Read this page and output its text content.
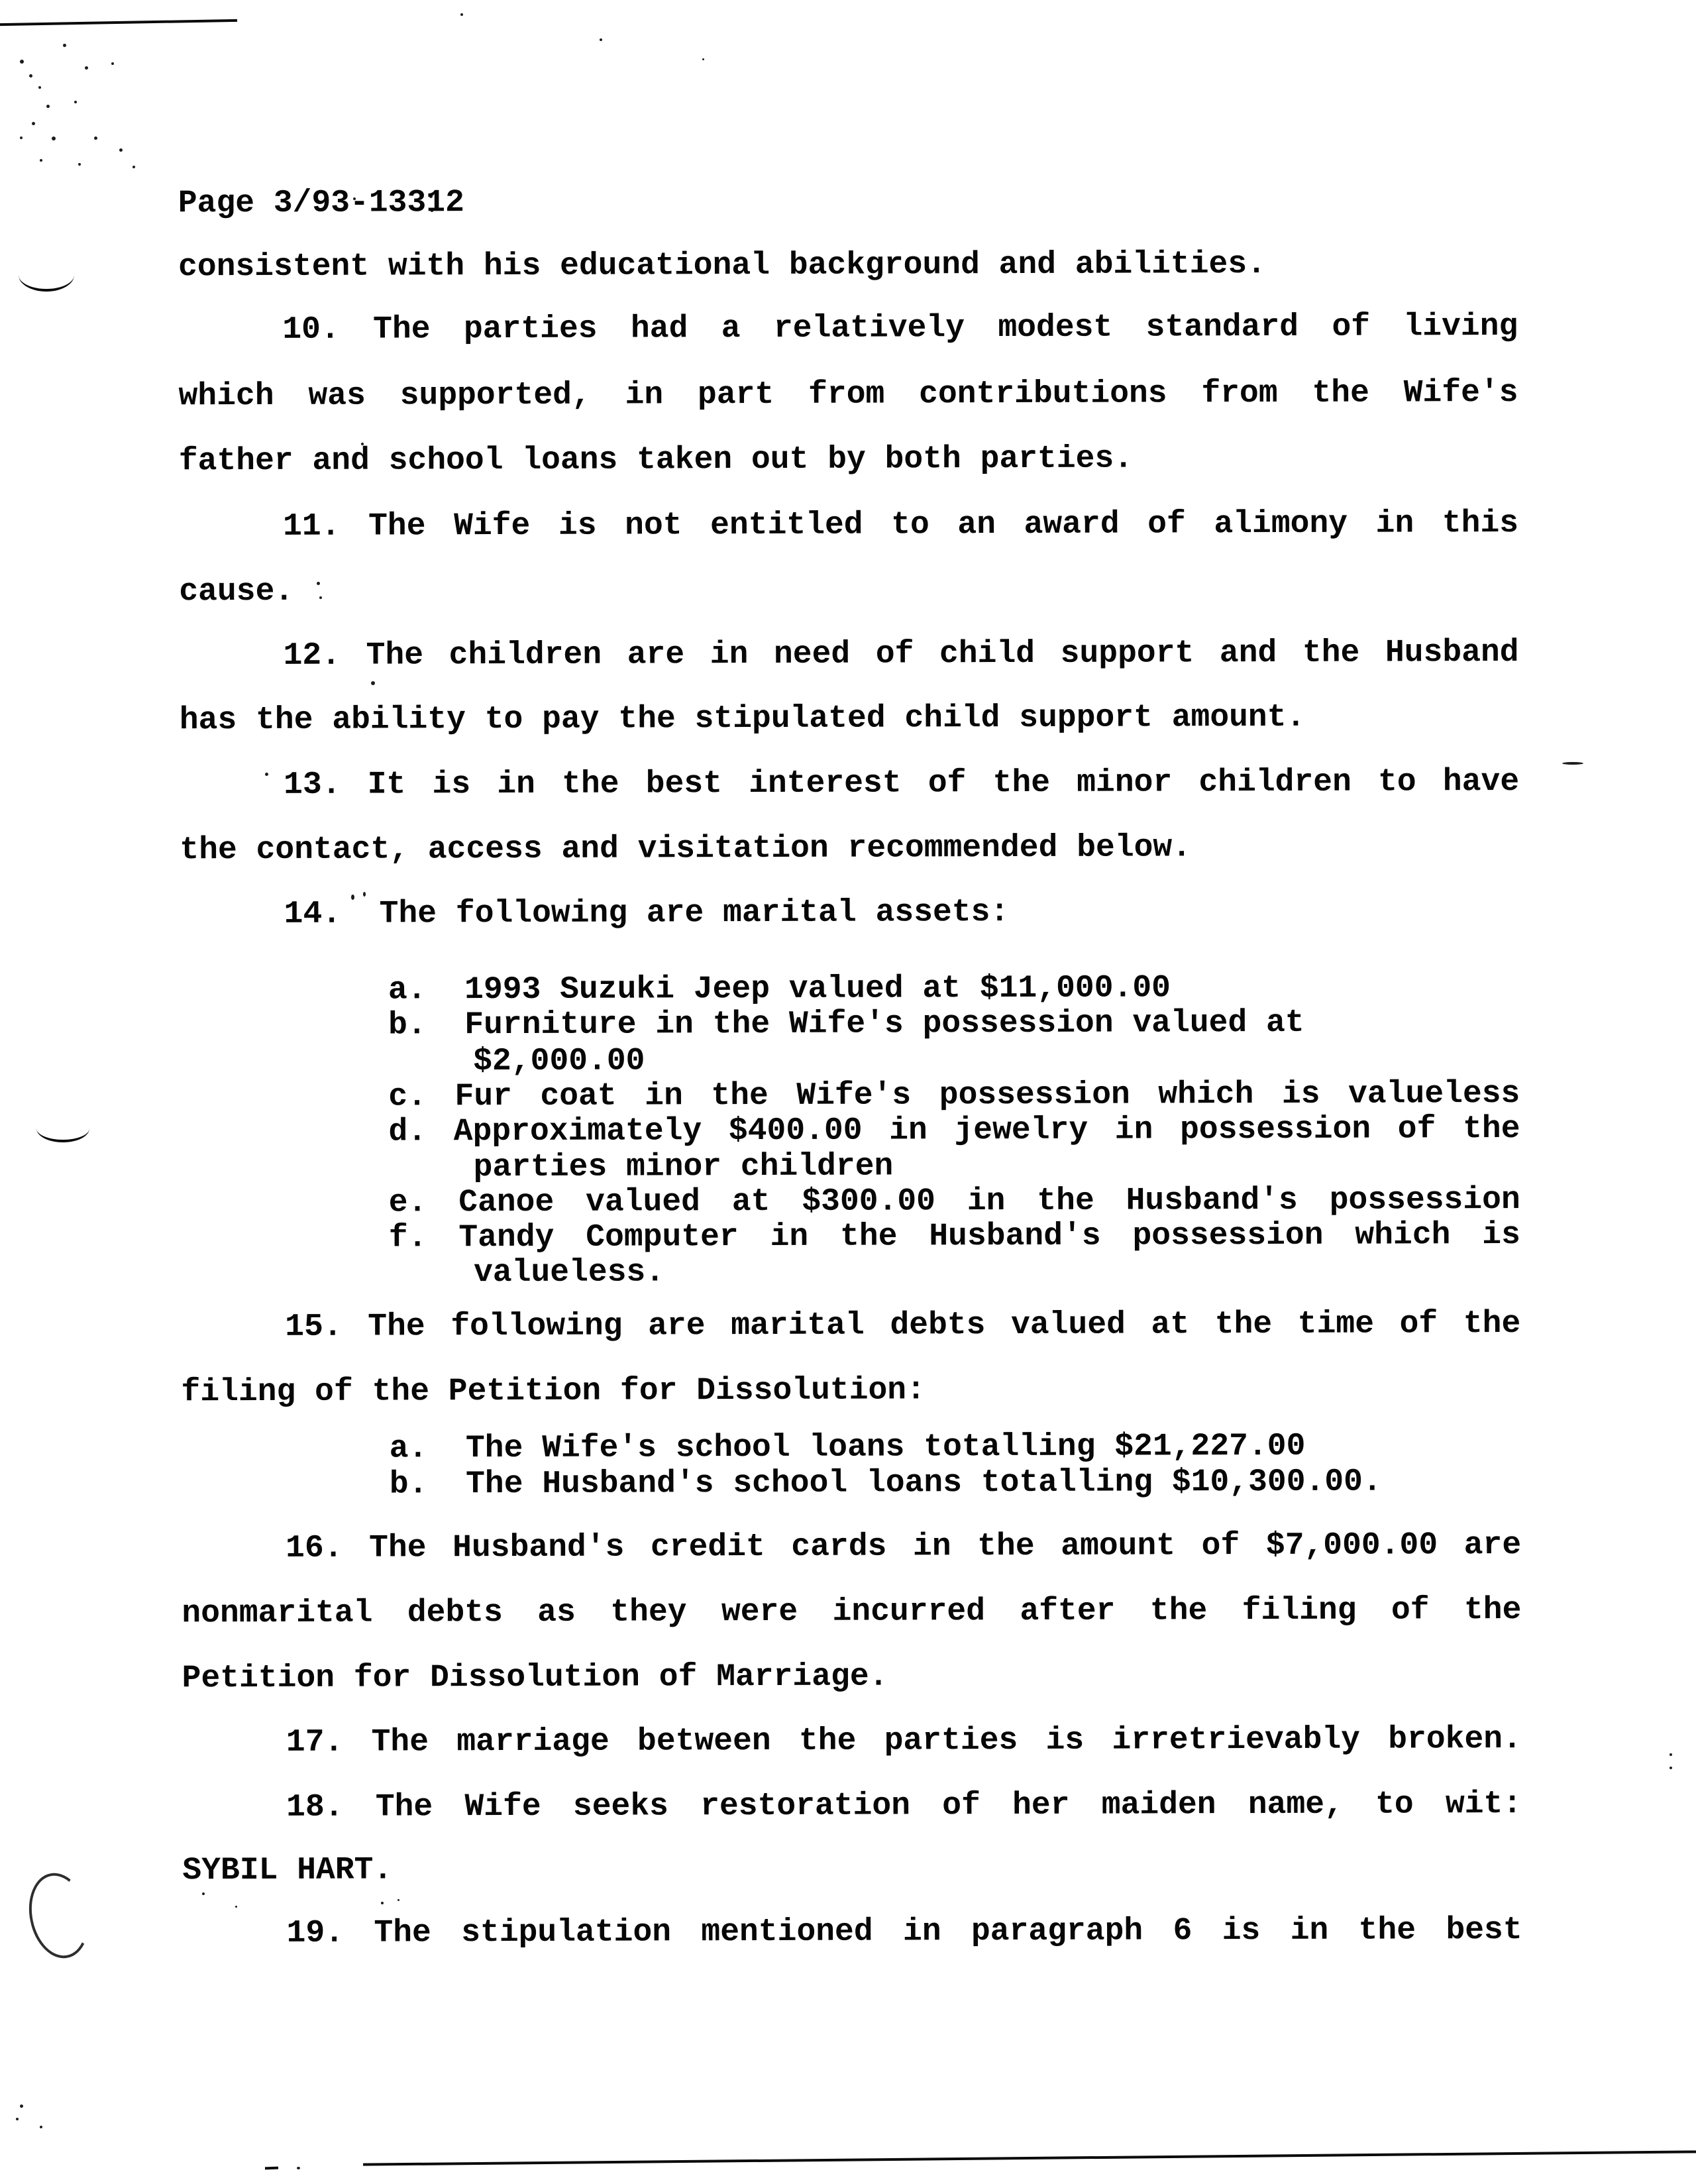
Page 3/93-13312
consistent with his educational background and abilities.
10. The parties had a relatively modest standard of living
which was supported, in part from contributions from the Wife's
father and school loans taken out by both parties.
11. The Wife is not entitled to an award of alimony in this
cause.
12. The children are in need of child support and the Husband
has the ability to pay the stipulated child support amount.
13. It is in the best interest of the minor children to have
the contact, access and visitation recommended below.
14.  The following are marital assets:
a.  1993 Suzuki Jeep valued at $11,000.00
b.  Furniture in the Wife's possession valued at
$2,000.00
c. Fur coat in the Wife's possession which is valueless
d. Approximately $400.00 in jewelry in possession of the
parties minor children
e. Canoe valued at $300.00 in the Husband's possession
f. Tandy Computer in the Husband's possession which is
valueless.
15. The following are marital debts valued at the time of the
filing of the Petition for Dissolution:
a.  The Wife's school loans totalling $21,227.00
b.  The Husband's school loans totalling $10,300.00.
16. The Husband's credit cards in the amount of $7,000.00 are
nonmarital debts as they were incurred after the filing of the
Petition for Dissolution of Marriage.
17. The marriage between the parties is irretrievably broken.
18. The Wife seeks restoration of her maiden name, to wit:
SYBIL HART.
19. The stipulation mentioned in paragraph 6 is in the best
